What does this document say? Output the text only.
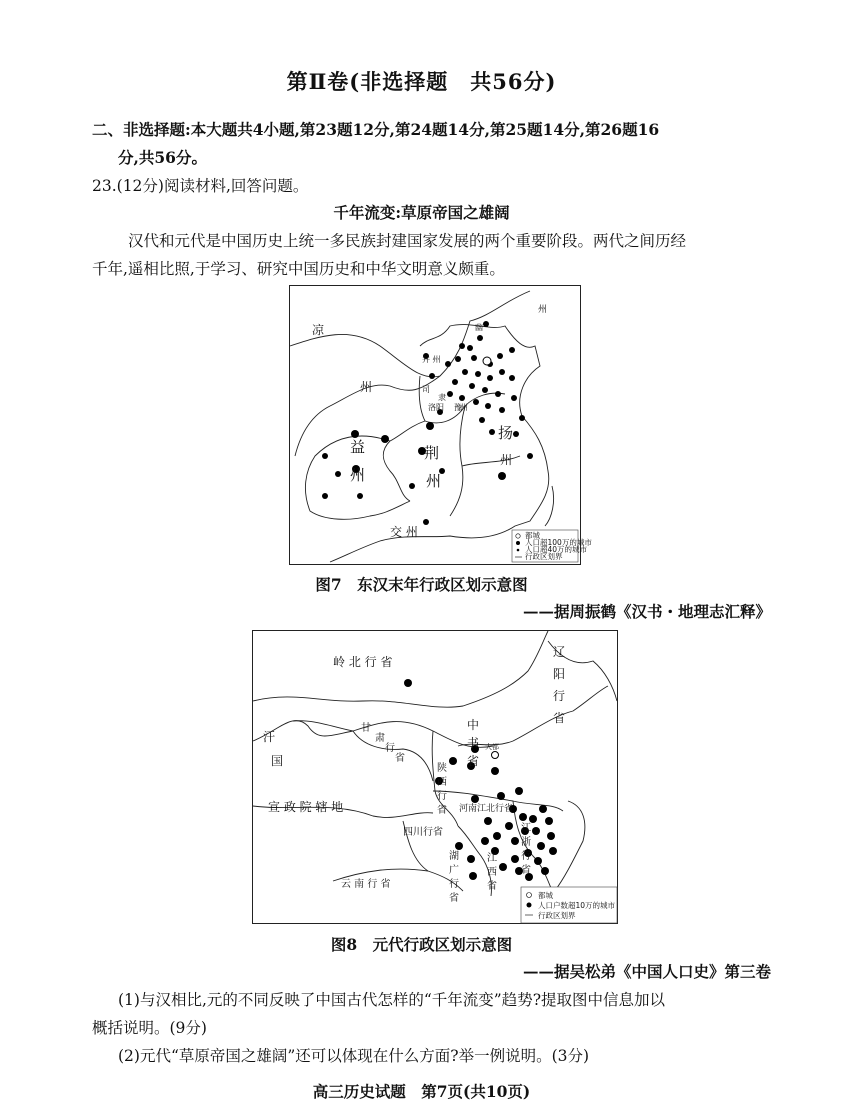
第Ⅱ卷(非选择题　共56分)
二、非选择题:本大题共4小题,第23题12分,第24题14分,第25题14分,第26题16
分,共56分。
23.(12分)阅读材料,回答问题。
千年流变:草原帝国之雄阔
汉代和元代是中国历史上统一多民族封建国家发展的两个重要阶段。两代之间历经
千年,遥相比照,于学习、研究中国历史和中华文明意义颇重。
凉
州
州
幽
并 州
司
隶
洛阳 豫
州
益
州
荆
州
扬
州
交 州	都城
人口超100万的城市
人口超40万的城市
行政区划界
图7　东汉末年行政区划示意图
——据周振鹤《汉书・地理志汇释》
岭 北 行 省
辽
阳
行
省
汗
国
甘
肃
行
省
中
书
省
大都
陕
西
行
省
宣 政 院 辖 地	河南江北行省
四川行省
湖
广
行
省
江
浙
行
省
江
西
省
云 南 行 省
都城
人口户数超10万的城市
行政区划界
图8　元代行政区划示意图
——据吴松弟《中国人口史》第三卷
(1)与汉相比,元的不同反映了中国古代怎样的“千年流变”趋势?提取图中信息加以
概括说明。(9分)
(2)元代“草原帝国之雄阔”还可以体现在什么方面?举一例说明。(3分)
高三历史试题　第7页(共10页)
